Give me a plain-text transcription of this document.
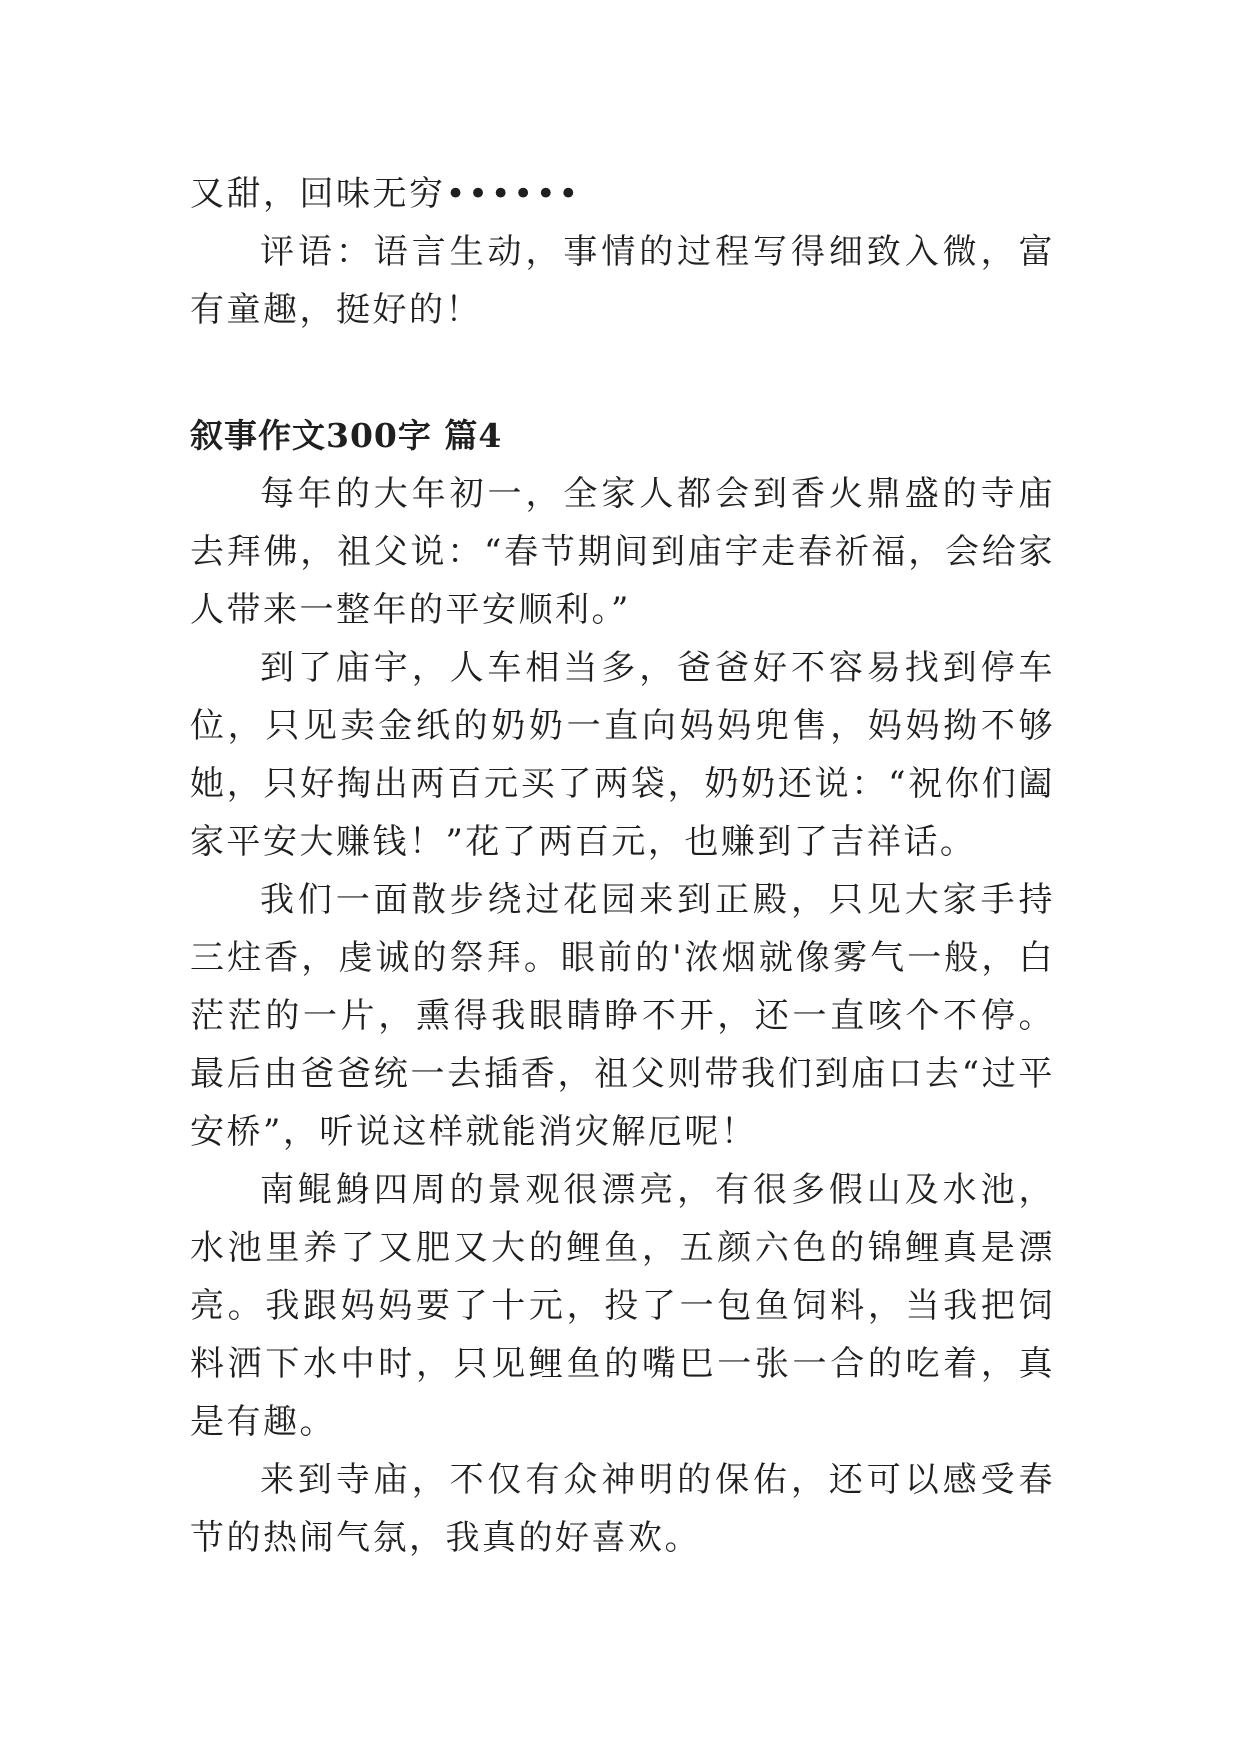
又甜，回味无穷••••••

评语：语言生动，事情的过程写得细致入微，富有童趣，挺好的！

叙事作文300字 篇4

每年的大年初一，全家人都会到香火鼎盛的寺庙去拜佛，祖父说：“春节期间到庙宇走春祈福，会给家人带来一整年的平安顺利。”

到了庙宇，人车相当多，爸爸好不容易找到停车位，只见卖金纸的奶奶一直向妈妈兜售，妈妈拗不够她，只好掏出两百元买了两袋，奶奶还说：“祝你们阖家平安大赚钱！”花了两百元，也赚到了吉祥话。

我们一面散步绕过花园来到正殿，只见大家手持三炷香，虔诚的祭拜。眼前的'浓烟就像雾气一般，白茫茫的一片，熏得我眼睛睁不开，还一直咳个不停。最后由爸爸统一去插香，祖父则带我们到庙口去“过平安桥”，听说这样就能消灾解厄呢！

南鲲鯓四周的景观很漂亮，有很多假山及水池，水池里养了又肥又大的鲤鱼，五颜六色的锦鲤真是漂亮。我跟妈妈要了十元，投了一包鱼饲料，当我把饲料洒下水中时，只见鲤鱼的嘴巴一张一合的吃着，真是有趣。

来到寺庙，不仅有众神明的保佑，还可以感受春节的热闹气氛，我真的好喜欢。
